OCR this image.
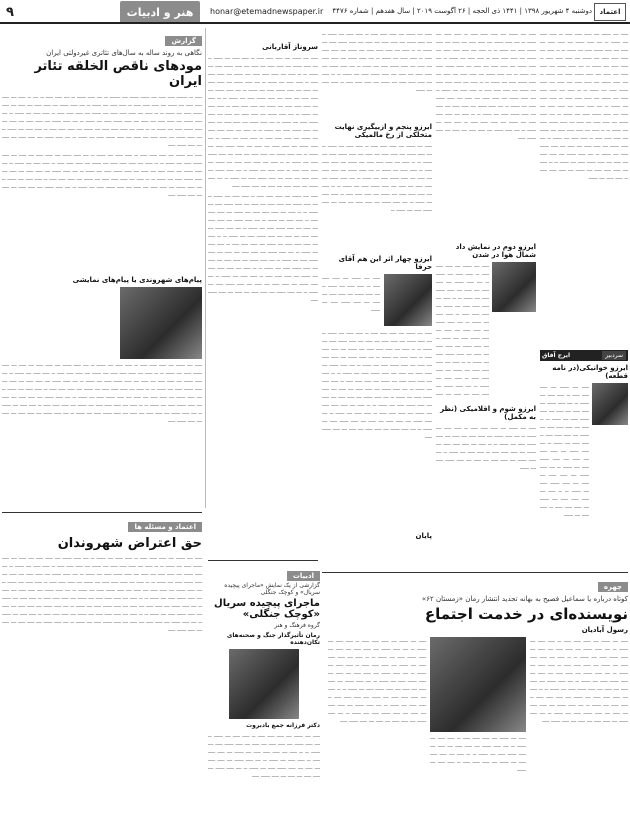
۹	هنر و ادبیات	honar@etemadnewspaper.ir دوشنبه ۴ شهریور ۱۳۹۸ | ۱۴۴۱ ذی الحجه | ۲۶ آگوست ۲۰۱۹ | سال هفدهم | شماره ۴۴۷۶	اعتماد
گزارش
نگاهی به روند ساله به سال‌های تئاتری غیردولتی ایران
مودهای ناقص الخلقه تئاتر ایران

ــــ ــ ــــــ ــــ ــــ ـــ ـــــ ـــــ ـــ ــــــ ــ ـــ ــــ ـــــ ــ ـــ ــــ ــــ ــ ـــ ــ ــــ ـــ ــــ ــــ ــــ ـــ ـــــ ـــ ــــ ــــ ــــ ــ ــــ ــــ ـــ ـــــ ــ ـــ ــــ ـــــ ـــ ــــ ــــ ـــ ــــ ـــ ــــ ـــــ ــــ ـــ ـــــ ــ ــ ــــ ـــ ــــ ــــ ــــ ـــ ـــــ ـــ ــــ ــــ ــــ ــ ــــ ــــ ـــ ـــــ ــ ـــ ــــ ـــــ ـــ ــــ ــــ ـــ ــــ ـــ ــــ ـــــ ــــ ـــ ـــــ ــ ـــ ــــ ـــــ ـــ ــــ ــــ ـــ ــــ ـــ ــــ ـــــ ــــ ـــ ـــــ ــ ــ ــــ ـــ ــــ ــــ ــــ ـــ ـــــ ـــ ــــ ــــ ــــ ــ ــــ ــــ ـــ ـــــ ــ ـــ ــــ ـــــ ـــ ــــ ــــ ـــ ــــ ـــ ــــ ـــــ ــــ ـــ ـــــ ــ ـــ ــــ ـــــ ـــ ــــ ــــ ـــ ــــ ـــ ــــ ـــــ ــــ

ــــ ـــ ـــــ ـــ ــــ ــــ ــــ ــ ــــ ــــ ـــ ـــــ ــ ـــ ــــ ـــــ ـــ ــــ ــــ ـــ ــــ ـــ ــــ ـــــ ــــ ـــ ـــــ ــ ــ ــــ ـــ ــــ ــــ ــــ ـــ ـــــ ـــ ــــ ــــ ــــ ــ ــــ ــــ ـــ ـــــ ــ ـــ ــــ ـــــ ـــ ــــ ــــ ـــ ــــ ـــ ــــ ـــــ ــــ ـــ ـــــ ــ ـــ ــــ ـــــ ـــ ــــ ــــ ـــ ــــ ـــ ــــ ـــــ ــــ ـــ ـــــ ــ ــ ــــ ـــ ــــ ــــ ــــ ـــ ـــــ ـــ ــــ ــــ ــــ ــ ــــ ــــ ـــ ـــــ ــ ـــ ــــ ـــــ ـــ ــــ ــــ ـــ ــــ ـــ ــــ ـــــ ــــ ـــ ـــــ ــ ـــ ــــ ـــــ ـــ ــــ ــــ ـــ ــــ ـــ ــــ ـــــ ــــ

پیام‌های شهروندی یا پیام‌های نمایشی

ــــ ـــ ـــــ ـــ ــــ ــــ ــــ ــ ــــ ــــ ـــ ـــــ ــ ـــ ــــ ـــــ ـــ ــــ ــــ ـــ ــــ ـــ ــــ ـــــ ــــ ـــ ـــــ ــ ــ ــــ ـــ ــــ ــــ ــــ ـــ ـــــ ـــ ــــ ــــ ــــ ــ ــــ ــــ ـــ ـــــ ــ ـــ ــــ ـــــ ـــ ــــ ــــ ـــ ــــ ـــ ــــ ـــــ ــــ ـــ ـــــ ــ ـــ ــــ ـــــ ـــ ــــ ــــ ـــ ــــ ـــ ــــ ـــــ ــــ ـــ ـــــ ــ ــ ــــ ـــ ــــ ــــ ــــ ـــ ـــــ ـــ ــــ ــــ ــــ ــ ــــ ــــ ـــ ـــــ ــ ـــ ــــ ـــــ ـــ ــــ ــــ ـــ ــــ ـــ ــــ ـــــ ــــ ـــ ـــــ ــ ـــ ــــ ـــــ ـــ ــــ ــــ ـــ ــــ ـــ ــــ ـــــ ــــ ـــ ـــــ ــ ــ ــــ ـــ ــــ ــــ ــــ ـــ ـــــ ـــ ــــ ــــ ــــ ــ ــــ ــــ ـــ ـــــ ــ ـــ ــــ ـــــ ـــ ــــ ــــ ـــ ــــ ـــ ــــ ـــــ ــــ ـــ ـــــ ــ ـــ ــــ ـــــ ـــ ــــ ــــ ـــ ــــ ـــ ــــ ـــــ ــــ

سروناز آقاربانی

ــــ ـــ ـــــ ـــ ــــ ــــ ــــ ــ ــــ ــــ ـــ ـــــ ــ ـــ ــــ ـــــ ـــ ــــ ــــ ـــ ــــ ـــ ــــ ـــــ ــــ ـــ ـــــ ــ ــ ــــ ـــ ــــ ــــ ــــ ـــ ـــــ ـــ ــــ ــــ ــــ ــ ــــ ــــ ـــ ـــــ ــ ـــ ــــ ـــــ ـــ ــــ ــــ ـــ ــــ ـــ ــــ ـــــ ــــ ـــ ـــــ ــ ـــ ــــ ـــــ ـــ ــــ ــــ ـــ ــــ ـــ ــــ ـــــ ــــ ـــ ـــــ ــ ــ ــــ ـــ ــــ ــــ ــــ ـــ ـــــ ـــ ــــ ــــ ــــ ــ ــــ ــــ ـــ ـــــ ــ ـــ ــــ ـــــ ـــ ــــ ــــ ـــ ــــ ـــ ــــ ـــــ ــــ ـــ ـــــ ــ ـــ ــــ ـــــ ـــ ــــ ــــ ـــ ــــ ـــ ــــ ـــــ ــــ ـــ ـــــ ــ ــ ــــ ـــ ــــ ــــ ــــ ـــ ـــــ ـــ ــــ ــــ ــــ ــ ــــ ــــ ـــ ـــــ ــ ـــ ــــ ـــــ ـــ ــــ ــــ ـــ ــــ ـــ ــــ ـــــ ــــ ـــ ـــــ ــ ـــ ــــ ـــــ ـــ ــــ ــــ ـــ ــــ ـــ ــــ ـــــ ــــ ـــ ـــــ ــ ــ ــــ ـــ ــــ ــــ ــــ ـــ ـــــ ـــ ــــ ــــ ــــ ــ ــــ ــــ ـــ ـــــ ــ ـــ ــــ ـــــ ـــ ــــ ــــ ـــ ــــ ـــ ــــ ـــــ ــــ ـــ ـــــ ــ ـــ ــــ ـــــ ـــ ــــ ــــ ـــ ــــ ـــ ــــ ـــــ ــــ

ــــ ـــ ـــــ ـــ ــــ ــــ ــــ ــ ــــ ــــ ـــ ـــــ ــ ـــ ــــ ـــــ ـــ ــــ ــــ ـــ ــــ ـــ ــــ ـــــ ــــ ـــ ـــــ ــ ــ ــــ ـــ ــــ ــــ ــــ ـــ ـــــ ـــ ــــ ــــ ــــ ــ ــــ ــــ ـــ ـــــ ــ ـــ ــــ ـــــ ـــ ــــ ــــ ـــ ــــ ـــ ــــ ـــــ ــــ ـــ ـــــ ــ ـــ ــــ ـــــ ـــ ــــ ــــ ـــ ــــ ـــ ــــ ـــــ ــــ ـــ ـــــ ــ ــ ــــ ـــ ــــ ــــ ــــ ـــ ـــــ ـــ ــــ ــــ ــــ ــ ــــ ــــ ـــ ـــــ ــ ـــ ــــ ـــــ ـــ ــــ ــــ ـــ ــــ ـــ ــــ ـــــ ــــ ـــ ـــــ ــ ـــ ــــ ـــــ ـــ ــــ ــــ ـــ ــــ ـــ ــــ ـــــ ــــ ـــ ـــــ ــ ــ ــــ ـــ ــــ ــــ ــــ ـــ ـــــ ـــ ــــ ــــ ــــ ــ ــــ ــــ ـــ ـــــ ــ ـــ ــــ ـــــ ـــ ــــ ــــ ـــ ــــ ـــ ــــ ـــــ ــــ ـــ ـــــ ــ ـــ ــــ ـــــ ـــ ــــ ــــ ـــ ــــ ـــ ــــ ـــــ ــــ

ــــ ـــ ـــــ ـــ ــــ ــــ ــــ ــ ــــ ــــ ـــ ـــــ ــ ـــ ــــ ـــــ ـــ ــــ ــــ ـــ ــــ ـــ ــــ ـــــ ــــ ـــ ـــــ ــ ــ ــــ ـــ ــــ ــــ ــــ ـــ ـــــ ـــ ــــ ــــ ــــ ــ ــــ ــــ ـــ ـــــ ــ ـــ ــــ ـــــ ـــ ــــ ــــ ـــ ــــ ـــ ــــ ـــــ ــــ ـــ ـــــ ــ ـــ ــــ ـــــ ـــ ــــ ــــ ـــ ــــ ـــ ــــ ـــــ ــــ ـــ ـــــ ــ ــ ــــ ـــ ــــ ــــ ــــ ـــ ـــــ ـــ ــــ ــــ ــــ ــ ــــ ــــ ـــ ـــــ

ایرزو پنجم و ازبیگیری نهایت متخلکی از رخ مالمیکی

ــــ ـــ ـــــ ـــ ــــ ــــ ــــ ــ ــــ ــــ ـــ ـــــ ــ ـــ ــــ ـــــ ـــ ــــ ــــ ـــ ــــ ـــ ــــ ـــــ ــــ ـــ ـــــ ــ ــ ــــ ـــ ــــ ــــ ــــ ـــ ـــــ ـــ ــــ ــــ ــــ ــ ــــ ــــ ـــ ـــــ ــ ـــ ــــ ـــــ ـــ ــــ ــــ ـــ ــــ ـــ ــــ ـــــ ــــ ـــ ـــــ ــ ـــ ــــ ـــــ ـــ ــــ ــــ ـــ ــــ ـــ ــــ ـــــ ــــ ـــ ـــــ ــ ــ ــــ ـــ ــــ ــــ ــــ ـــ ـــــ ـــ ــــ ــــ ــــ ــ ــــ ــــ ـــ ـــــ ــ ـــ ــــ ـــــ ـــ ــــ ــــ ـــ ــــ ـــ ــــ ـــــ ــــ ـــ ـــــ ــ

ایرزو چهار اثر این هم آقای حرفا
ــــ ـــ ـــــ ـــ ــــ ــــ ــــ ــ ــــ ــــ ـــ ـــــ ــ ـــ ــــ ـــــ ـــ ــــ ــــ ـــ ــــ ـــ ــــ ـــــ ــــ ـــ ـــــ

ــــ ـــ ـــــ ـــ ــــ ــــ ــــ ــ ــــ ــــ ـــ ـــــ ــ ـــ ــــ ـــــ ـــ ــــ ــــ ـــ ــــ ـــ ــــ ـــــ ــــ ـــ ـــــ ــ ــ ــــ ـــ ــــ ــــ ــــ ـــ ـــــ ـــ ــــ ــــ ــــ ــ ــــ ــــ ـــ ـــــ ــ ـــ ــــ ـــــ ـــ ــــ ــــ ـــ ــــ ـــ ــــ ـــــ ــــ ـــ ـــــ ــ ـــ ــــ ـــــ ـــ ــــ ــــ ـــ ــــ ـــ ــــ ـــــ ــــ ـــ ـــــ ــ ــ ــــ ـــ ــــ ــــ ــــ ـــ ـــــ ـــ ــــ ــــ ــــ ــ ــــ ــــ ـــ ـــــ ــ ـــ ــــ ـــــ ـــ ــــ ــــ ـــ ــــ ـــ ــــ ـــــ ــــ ـــ ـــــ ــ ـــ ــــ ـــــ ـــ ــــ ــــ ـــ ــــ ـــ ــــ ـــــ ــــ ـــ ـــــ ــ ــ ــــ ـــ ــــ ــــ ــــ ـــ ـــــ ـــ ــــ ــــ ــــ ــ ــــ ــــ ـــ ـــــ ــ ـــ ــــ ـــــ ـــ ــــ ــــ ـــ ــــ ـــ ــــ ـــــ ــــ ـــ ـــــ ــ ـــ ــــ ـــــ ـــ ــــ ــــ ـــ ــــ ـــ ــــ ـــــ ــــ

پایان

ــــ ـــ ـــــ ـــ ــــ ــــ ــــ ــ ــــ ــــ ـــ ـــــ ــ ـــ ــــ ـــــ ـــ ــــ ــــ ـــ ــــ ـــ ــــ ـــــ ــــ ـــ ـــــ ــ ــ ــــ ـــ ــــ ــــ ــــ ـــ ـــــ ـــ ــــ ــــ ــــ ــ ــــ ــــ ـــ ـــــ ــ ـــ ــــ ـــــ ـــ ــــ ــــ ـــ ــــ ـــ ــــ ـــــ ــــ ـــ ـــــ ــ ـــ ــــ ـــــ ـــ ــــ ــــ ـــ ــــ ـــ ــــ ـــــ ــــ ـــ ـــــ ــ ــ ــــ ـــ ــــ ــــ ــــ ـــ ـــــ ـــ ــــ ــــ ــــ ــ ــــ ــــ ـــ ـــــ ــ ـــ ــــ ـــــ ـــ ــــ ــــ ـــ ــــ ـــ ــــ ـــــ ــــ ـــ ـــــ ــ ـــ ــــ ـــــ ـــ ــــ ــــ ـــ ــــ ـــ ــــ ـــــ ــــ ـــ ـــــ ــ ــ ــــ ـــ ــــ ــــ ــــ ـــ ـــــ ـــ ــــ ــــ ــــ ــ ــــ ــــ ـــ ـــــ ــ ـــ ــــ ـــــ ـــ ــــ ــــ ـــ ــــ ـــ ــــ ـــــ ــــ

ایرزو دوم در نمایش داد شمال هوا در شدن

ــــ ـــ ـــــ ـــ ــــ ــــ ــــ ــ ــــ ــــ ـــ ـــــ ــ ـــ ــــ ـــــ ـــ ــــ ــــ ـــ ــــ ـــ ــــ ـــــ ــــ ـــ ـــــ ــ ــ ــــ ـــ ــــ ــــ ــــ ـــ ـــــ ـــ ــــ ــــ ــــ ــ ــــ ــــ ـــ ـــــ ــ ـــ ــــ ـــــ ـــ ــــ ــــ ـــ ــــ ـــ ــــ ـــــ ــــ ـــ ـــــ ــ ـــ ــــ ـــــ ـــ ــــ ــــ ـــ ــــ ـــ ــــ ـــــ ــــ ـــ ـــــ ــ ــ ــــ ـــ ــــ ــــ ــــ ـــ ـــــ ـــ ــــ ــــ ــــ ــ ــــ ــــ ـــ ـــــ ــ ـــ ــــ ـــــ ـــ ــــ ــــ ـــ ــــ ـــ ــــ ـــــ ــــ

ایرزو شوم و اقلامیکی (نظر به مکمل)

ــــ ـــ ـــــ ـــ ــــ ــــ ــــ ــ ــــ ــــ ـــ ـــــ ــ ـــ ــــ ـــــ ـــ ــــ ــــ ـــ ــــ ـــ ــــ ـــــ ــــ ـــ ـــــ ــ ــ ــــ ـــ ــــ ــــ ــــ ـــ ـــــ ـــ ــــ ــــ ــــ ــ ــــ ــــ ـــ ـــــ ــ ـــ ــــ ـــــ ـــ ــــ ــــ ـــ ــــ ـــ ــــ ـــــ ــــ ـــ ـــــ

ــــ ـــ ـــــ ـــ ــــ ــــ ــــ ــ ــــ ــــ ـــ ـــــ ــ ـــ ــــ ـــــ ـــ ــــ ــــ ـــ ــــ ـــ ــــ ـــــ ــــ ـــ ـــــ ــ ــ ــــ ـــ ــــ ــــ ــــ ـــ ـــــ ـــ ــــ ــــ ــــ ــ ــــ ــــ ـــ ـــــ ــ ـــ ــــ ـــــ ـــ ــــ ــــ ـــ ــــ ـــ ــــ ـــــ ــــ ـــ ـــــ ــ ـــ ــــ ـــــ ـــ ــــ ــــ ـــ ــــ ـــ ــــ ـــــ ــــ ـــ ـــــ ــ ــ ــــ ـــ ــــ ــــ ــــ ـــ ـــــ ـــ ــــ ــــ ــــ ــ ــــ ــــ ـــ ـــــ ــ ـــ ــــ ـــــ ـــ ــــ ــــ ـــ ــــ ـــ ــــ ـــــ ــــ ـــ ـــــ ــ ـــ ــــ ـــــ ـــ ــــ ــــ ـــ ــــ ـــ ــــ ـــــ ــــ ـــ ـــــ ــ ــ ــــ ـــ ــــ ــــ ــــ ـــ ـــــ ـــ ــــ ــــ ــــ ــ ــــ ــــ ـــ ـــــ ــ ـــ ــــ ـــــ ـــ ــــ ــــ ـــ ــــ ـــ ــــ ـــــ ــــ ـــ ـــــ ــ ـــ ــــ ـــــ ـــ ــــ ــــ ـــ ــــ ـــ ــــ ـــــ ــــ ـــ ـــــ ــ ــ ــــ ـــ ــــ ــــ ــــ ـــ ـــــ ـــ ــــ ــــ ــــ ــ ــــ ــــ ـــ ـــــ

سردبیر
ایرج آفاق
ایرزو خوانیکی(در نامه قطعه)

ــــ ـــ ـــــ ـــ ــــ ــــ ــــ ــ ــــ ــــ ـــ ـــــ ــ ـــ ــــ ـــــ ـــ ــــ ــــ ـــ ــــ ـــ ــــ ـــــ ــــ ـــ ـــــ ــ ــ ــــ ـــ ــــ ــــ ــــ ـــ ـــــ ـــ ــــ ــــ ــــ ــ ــــ ــــ ـــ ـــــ ــ ـــ ــــ ـــــ ـــ ــــ ــــ ـــ ــــ ـــ ــــ ـــــ ــــ ـــ ـــــ ــ ـــ ــــ ـــــ ـــ ــــ ــــ ـــ ــــ ـــ ــــ ـــــ ــــ ـــ ـــــ ــ ــ ــــ ـــ ــــ ــــ ــــ ـــ ـــــ ـــ ــــ ــــ ــــ ــ ــــ ــــ ـــ ـــــ

چهره
کوتاه درباره یا سماعیل فصیح به بهانه تجدید انتشار رمان «زمستان ۶۲»
نویسنده‌ای در خدمت اجتماع
رسول آبادیان

ــــ ـــ ـــــ ـــ ــــ ــــ ــــ ــ ــــ ــــ ـــ ـــــ ــ ـــ ــــ ـــــ ـــ ــــ ــــ ـــ ــــ ـــ ــــ ـــــ ــــ ـــ ـــــ ــ ــ ــــ ـــ ــــ ــــ ــــ ـــ ـــــ ـــ ــــ ــــ ــــ ــ ــــ ــــ ـــ ـــــ ــ ـــ ــــ ـــــ ـــ ــــ ــــ ـــ ــــ ـــ ــــ ـــــ ــــ ـــ ـــــ ــ ـــ ــــ ـــــ ـــ ــــ ــــ ـــ ــــ ـــ ــــ ـــــ ــــ ـــ ـــــ ــ ــ ــــ ـــ ــــ ــــ ــــ ـــ ـــــ ـــ ــــ ــــ ــــ ــ ــــ ــــ ـــ ـــــ ــ ـــ ــــ ـــــ ـــ ــــ ــــ ـــ ــــ ـــ ــــ ـــــ ــــ ـــ ـــــ ــ ـــ ــــ ـــــ ـــ ــــ ــــ ـــ ــــ ـــ ــــ ـــــ ــــ

ــــ ـــ ـــــ ـــ ــــ ــــ ــــ ــ ــــ ــــ ـــ ـــــ ــ ـــ ــــ ـــــ ـــ ــــ ــــ ـــ ــــ ـــ ــــ ـــــ ــــ ـــ ـــــ ــ ــ ــــ ـــ ــــ ــــ ــــ ـــ ـــــ ـــ ــــ ــــ ــــ ــ ــــ ــــ ـــ ـــــ

ــــ ـــ ـــــ ـــ ــــ ــــ ــــ ــ ــــ ــــ ـــ ـــــ ــ ـــ ــــ ـــــ ـــ ــــ ــــ ـــ ــــ ـــ ــــ ـــــ ــــ ـــ ـــــ ــ ــ ــــ ـــ ــــ ــــ ــــ ـــ ـــــ ـــ ــــ ــــ ــــ ــ ــــ ــــ ـــ ـــــ ــ ـــ ــــ ـــــ ـــ ــــ ــــ ـــ ــــ ـــ ــــ ـــــ ــــ ـــ ـــــ ــ ـــ ــــ ـــــ ـــ ــــ ــــ ـــ ــــ ـــ ــــ ـــــ ــــ ـــ ـــــ ــ ــ ــــ ـــ ــــ ــــ ــــ ـــ ـــــ ـــ ــــ ــــ ــــ ــ ــــ ــــ ـــ ـــــ ــ ـــ ــــ ـــــ ـــ ــــ ــــ ـــ ــــ ـــ ــــ ـــــ ــــ ـــ ـــــ ــ ـــ ــــ ـــــ ـــ ــــ ــــ ـــ ــــ ـــ ــــ ـــــ ــــ

ادبیات
گزارشی از یک نمایش «ماجرای پیچیده سریال» و کوچک جنگلی
ماجرای پیچیده سریال «کوچک جنگلی»
گروه فرهنگ و هنر
رمان تأثیرگذار جنگ و صحنه‌های تکان‌دهنده
دکتر فرزانه جمع بادبروت
ــــ ـــ ـــــ ـــ ــــ ــــ ــــ ــ ــــ ــــ ـــ ـــــ ــ ـــ ــــ ـــــ ـــ ــــ ــــ ـــ ــــ ـــ ــــ ـــــ ــــ ـــ ـــــ ــ ــ ــــ ـــ ــــ ــــ ــــ ـــ ـــــ ـــ ــــ ــــ ــــ ــ ــــ ــــ ـــ ـــــ ــ ـــ ــــ ـــــ ـــ ــــ ــــ ـــ ــــ ـــ ــــ ـــــ ــــ ـــ ـــــ ــ ـــ ــــ ـــــ ـــ ــــ ــــ ـــ ــــ ـــ ــــ ـــــ ــــ
اعتماد و مسئله ها
حق اعتراض شهروندان

ــــ ـــ ـــــ ـــ ــــ ــــ ــــ ــ ــــ ــــ ـــ ـــــ ــ ـــ ــــ ـــــ ـــ ــــ ــــ ـــ ــــ ـــ ــــ ـــــ ــــ ـــ ـــــ ــ ــ ــــ ـــ ــــ ــــ ــــ ـــ ـــــ ـــ ــــ ــــ ــــ ــ ــــ ــــ ـــ ـــــ ــ ـــ ــــ ـــــ ـــ ــــ ــــ ـــ ــــ ـــ ــــ ـــــ ــــ ـــ ـــــ ــ ـــ ــــ ـــــ ـــ ــــ ــــ ـــ ــــ ـــ ــــ ـــــ ــــ ـــ ـــــ ــ ــ ــــ ـــ ــــ ــــ ــــ ـــ ـــــ ـــ ــــ ــــ ــــ ــ ــــ ــــ ـــ ـــــ ــ ـــ ــــ ـــــ ـــ ــــ ــــ ـــ ــــ ـــ ــــ ـــــ ــــ ـــ ـــــ ــ ـــ ــــ ـــــ ـــ ــــ ــــ ـــ ــــ ـــ ــــ ـــــ ــــ ـــ ـــــ ــ ــ ــــ ـــ ــــ ــــ ــــ ـــ ـــــ ـــ ــــ ــــ ــــ ــ ــــ ــــ ـــ ـــــ ــ ـــ ــــ ـــــ ـــ ــــ ــــ ـــ ــــ ـــ ــــ ـــــ ــــ ـــ ـــــ ــ ـــ ــــ ـــــ ـــ ــــ ــــ ـــ ــــ ـــ ــــ ـــــ ــــ ـــ ـــــ ــ ــ ــــ ـــ ــــ ــــ ــــ ـــ ـــــ ـــ ــــ ــــ ــــ ــ ــــ ــــ ـــ ـــــ ــ ـــ ــــ ـــــ ـــ ــــ ــــ ـــ ــــ ـــ ــــ ـــــ ــــ ـــ ـــــ ــ ـــ ــــ ـــــ ـــ ــــ ــــ ـــ ــــ ـــ ــــ ـــــ ــــ
